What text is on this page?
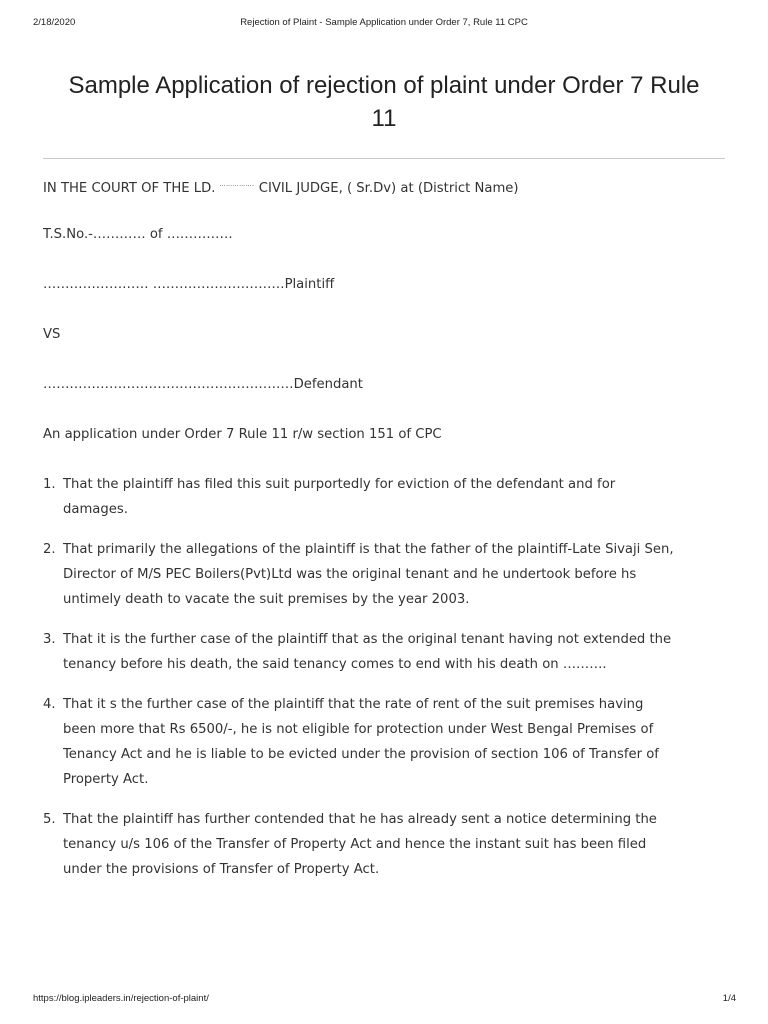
2/18/2020	Rejection of Plaint - Sample Application under Order 7, Rule 11 CPC
Sample Application of rejection of plaint under Order 7 Rule
11

IN THE COURT OF THE LD. ……………. CIVIL JUDGE, ( Sr.Dv) at (District Name)

T.S.No.-………… of ……………

…………………… …………………………Plaintiff

VS

…………………………………………………Defendant

An application under Order 7 Rule 11 r/w section 151 of CPC

1. That the plaintiff has filed this suit purportedly for eviction of the defendant and for
damages.
2. That primarily the allegations of the plaintiff is that the father of the plaintiff-Late Sivaji Sen,
Director of M/S PEC Boilers(Pvt)Ltd was the original tenant and he undertook before hs
untimely death to vacate the suit premises by the year 2003.
3. That it is the further case of the plaintiff that as the original tenant having not extended the
tenancy before his death, the said tenancy comes to end with his death on ……….
4. That it s the further case of the plaintiff that the rate of rent of the suit premises having
been more that Rs 6500/-, he is not eligible for protection under West Bengal Premises of
Tenancy Act and he is liable to be evicted under the provision of section 106 of Transfer of
Property Act.
5. That the plaintiff has further contended that he has already sent a notice determining the
tenancy u/s 106 of the Transfer of Property Act and hence the instant suit has been filed
under the provisions of Transfer of Property Act.
https://blog.ipleaders.in/rejection-of-plaint/	1/4
